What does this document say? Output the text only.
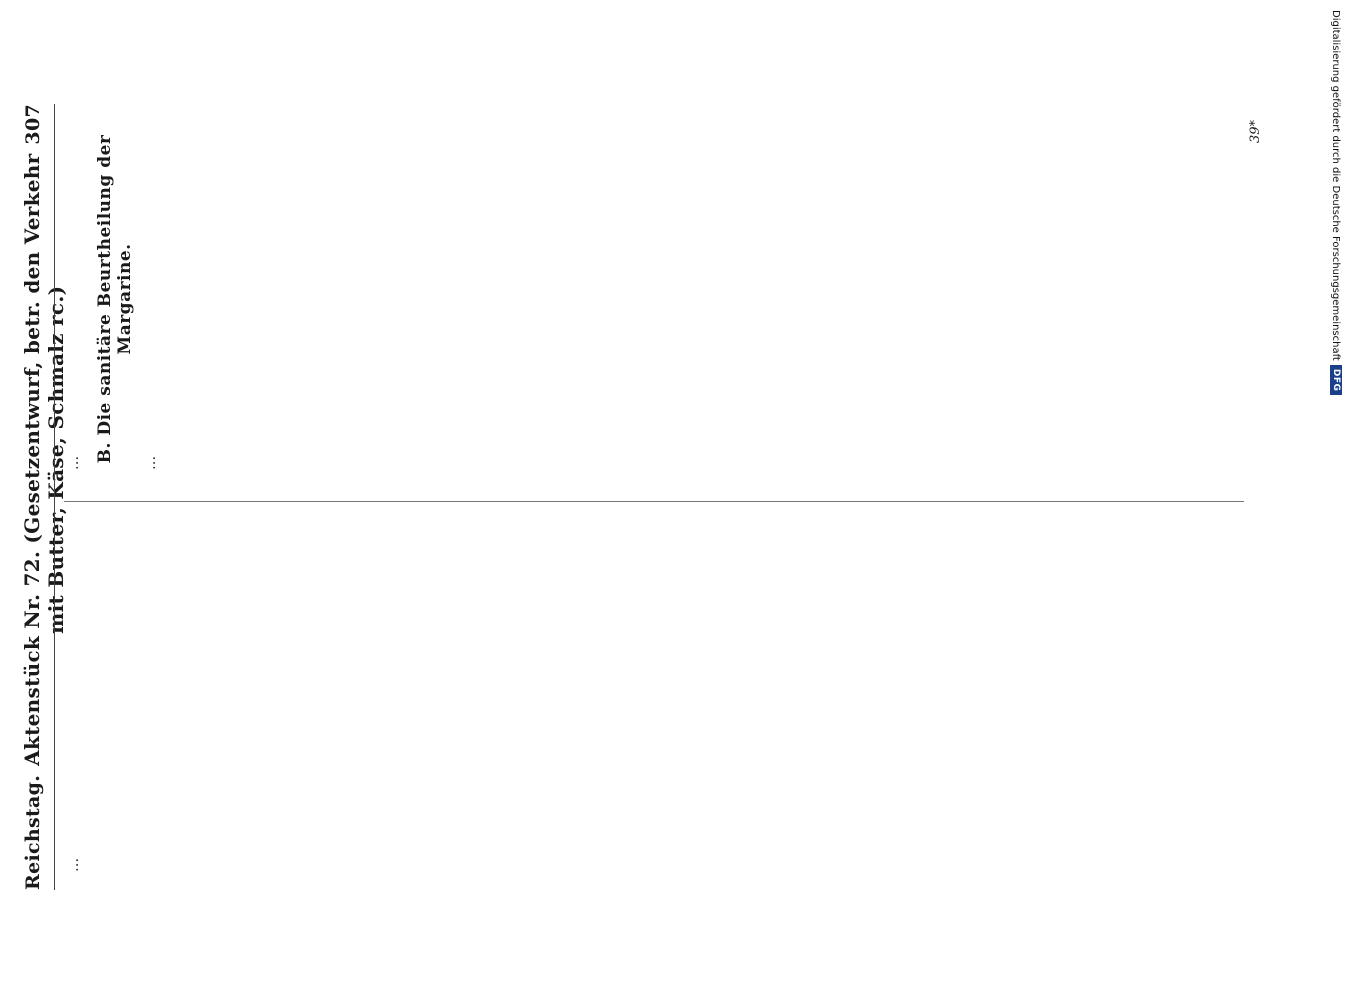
Reichstag.
Aktenstück Nr. 72. (Gesetzentwurf, betr. den Verkehr mit Butter, Käse, Schmalz rc.)
307

…

… B. Die sanitäre Beurtheilung der Margarine.

…

39*	Digitalisierung gefördert durch die Deutsche Forschungsgemeinschaft
DFG
